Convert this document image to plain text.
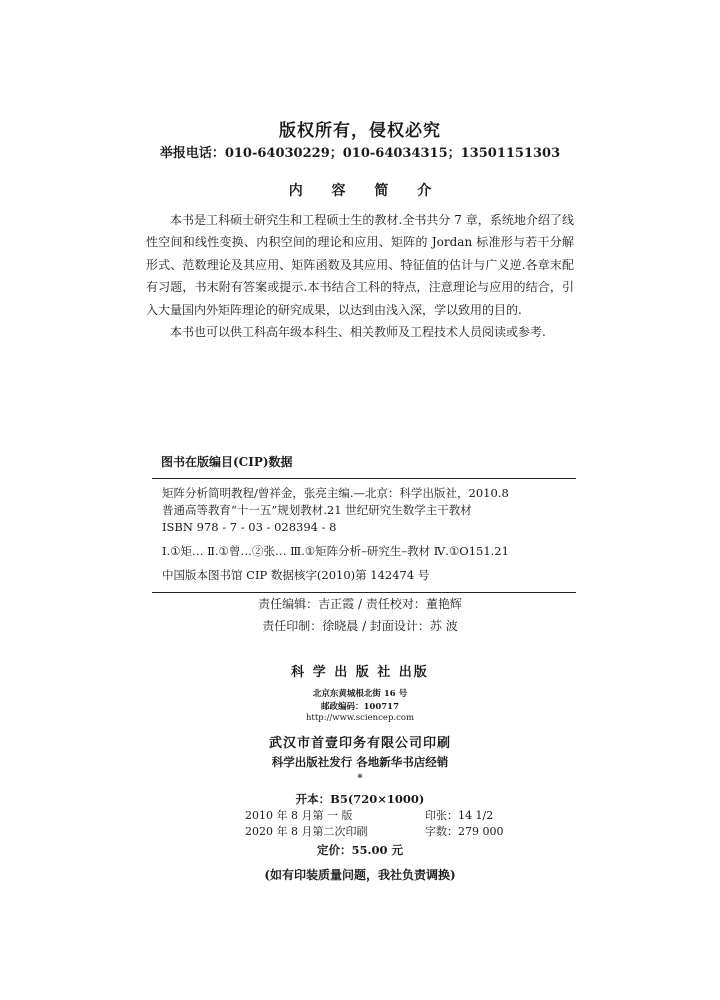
版权所有，侵权必究
举报电话：010-64030229；010-64034315；13501151303
内 容 简 介

本书是工科硕士研究生和工程硕士生的教材.全书共分 7 章，系统地介绍了线性空间和线性变换、内积空间的理论和应用、矩阵的 Jordan 标准形与若干分解形式、范数理论及其应用、矩阵函数及其应用、特征值的估计与广义逆.各章末配有习题，书末附有答案或提示.本书结合工科的特点，注意理论与应用的结合，引入大量国内外矩阵理论的研究成果，以达到由浅入深，学以致用的目的.

本书也可以供工科高年级本科生、相关教师及工程技术人员阅读或参考.

图书在版编目(CIP)数据
矩阵分析简明教程/曾祥金，张亮主编.—北京：科学出版社，2010.8
普通高等教育“十一五”规划教材.21 世纪研究生数学主干教材
ISBN 978 - 7 - 03 - 028394 - 8
Ⅰ.①矩… Ⅱ.①曾…②张… Ⅲ.①矩阵分析–研究生–教材 Ⅳ.①O151.21
中国版本图书馆 CIP 数据核字(2010)第 142474 号
责任编辑：吉正霞 / 责任校对：董艳辉
责任印制：徐晓晨 / 封面设计：苏 波
科 学 出 版 社 出版
北京东黄城根北街 16 号
邮政编码：100717
http://www.sciencep.com
武汉市首壹印务有限公司印刷
科学出版社发行 各地新华书店经销
*
开本：B5(720×1000)
2010 年 8 月第 一 版	印张：14 1/2
2020 年 8 月第二次印刷	字数：279 000
定价：55.00 元
(如有印装质量问题，我社负责调换)
